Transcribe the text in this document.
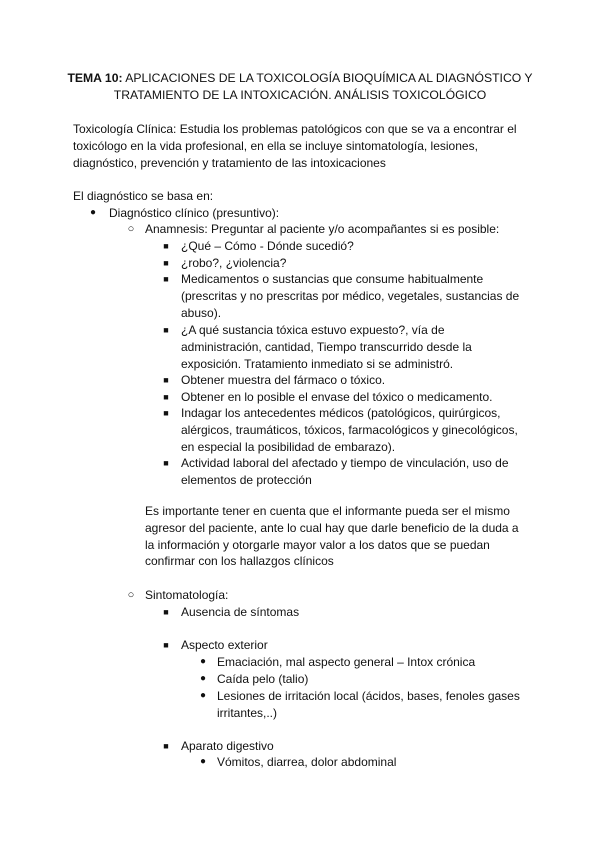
TEMA 10: APLICACIONES DE LA TOXICOLOGÍA BIOQUÍMICA AL DIAGNÓSTICO Y TRATAMIENTO DE LA INTOXICACIÓN. ANÁLISIS TOXICOLÓGICO
Toxicología Clínica: Estudia los problemas patológicos con que se va a encontrar el toxicólogo en la vida profesional, en ella se incluye sintomatología, lesiones, diagnóstico, prevención y tratamiento de las intoxicaciones
El diagnóstico se basa en:
● Diagnóstico clínico (presuntivo):
○ Anamnesis: Preguntar al paciente y/o acompañantes si es posible:
■ ¿Qué – Cómo - Dónde sucedió?
■ ¿robo?, ¿violencia?
■ Medicamentos o sustancias que consume habitualmente (prescritas y no prescritas por médico, vegetales, sustancias de abuso).
■ ¿A qué sustancia tóxica estuvo expuesto?, vía de administración, cantidad, Tiempo transcurrido desde la exposición. Tratamiento inmediato si se administró.
■ Obtener muestra del fármaco o tóxico.
■ Obtener en lo posible el envase del tóxico o medicamento.
■ Indagar los antecedentes médicos (patológicos, quirúrgicos, alérgicos, traumáticos, tóxicos, farmacológicos y ginecológicos, en especial la posibilidad de embarazo).
■ Actividad laboral del afectado y tiempo de vinculación, uso de elementos de protección
Es importante tener en cuenta que el informante pueda ser el mismo agresor del paciente, ante lo cual hay que darle beneficio de la duda a la información y otorgarle mayor valor a los datos que se puedan confirmar con los hallazgos clínicos
○ Sintomatología:
■ Ausencia de síntomas
■ Aspecto exterior
● Emaciación, mal aspecto general – Intox crónica
● Caída pelo (talio)
● Lesiones de irritación local (ácidos, bases, fenoles gases irritantes,..)
■ Aparato digestivo
● Vómitos, diarrea, dolor abdominal
